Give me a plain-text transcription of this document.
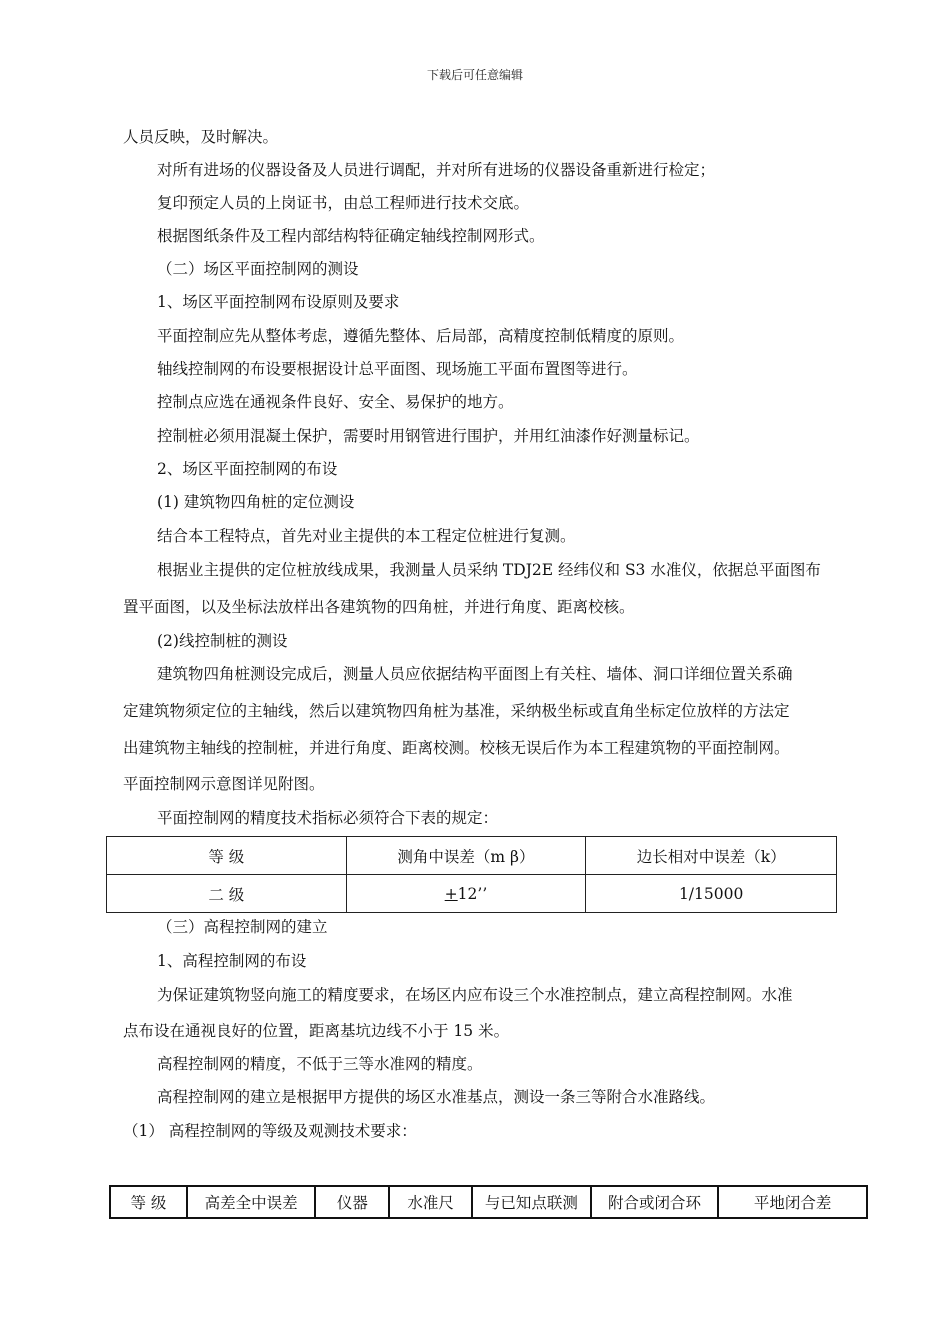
下载后可任意编辑
人员反映，及时解决。
对所有进场的仪器设备及人员进行调配，并对所有进场的仪器设备重新进行检定；
复印预定人员的上岗证书，由总工程师进行技术交底。
根据图纸条件及工程内部结构特征确定轴线控制网形式。
（二）场区平面控制网的测设
1、场区平面控制网布设原则及要求
平面控制应先从整体考虑，遵循先整体、后局部，高精度控制低精度的原则。
轴线控制网的布设要根据设计总平面图、现场施工平面布置图等进行。
控制点应选在通视条件良好、安全、易保护的地方。
控制桩必须用混凝土保护，需要时用钢管进行围护，并用红油漆作好测量标记。
2、场区平面控制网的布设
(1) 建筑物四角桩的定位测设
结合本工程特点，首先对业主提供的本工程定位桩进行复测。
根据业主提供的定位桩放线成果，我测量人员采纳 TDJ2E 经纬仪和 S3 水准仪，依据总平面图布
置平面图，以及坐标法放样出各建筑物的四角桩，并进行角度、距离校核。
(2)线控制桩的测设
建筑物四角桩测设完成后，测量人员应依据结构平面图上有关柱、墙体、洞口详细位置关系确
定建筑物须定位的主轴线，然后以建筑物四角桩为基准，采纳极坐标或直角坐标定位放样的方法定
出建筑物主轴线的控制桩，并进行角度、距离校测。校核无误后作为本工程建筑物的平面控制网。
平面控制网示意图详见附图。
平面控制网的精度技术指标必须符合下表的规定：
等 级	测角中误差（m β）	边长相对中误差（k）
二 级	+12’’	1/15000
（三）高程控制网的建立
1、高程控制网的布设
为保证建筑物竖向施工的精度要求，在场区内应布设三个水准控制点，建立高程控制网。水准
点布设在通视良好的位置，距离基坑边线不小于 15 米。
高程控制网的精度，不低于三等水准网的精度。
高程控制网的建立是根据甲方提供的场区水准基点，测设一条三等附合水准路线。
（1） 高程控制网的等级及观测技术要求：
等 级	高差全中误差	仪器	水准尺	与已知点联测	附合或闭合环	平地闭合差
